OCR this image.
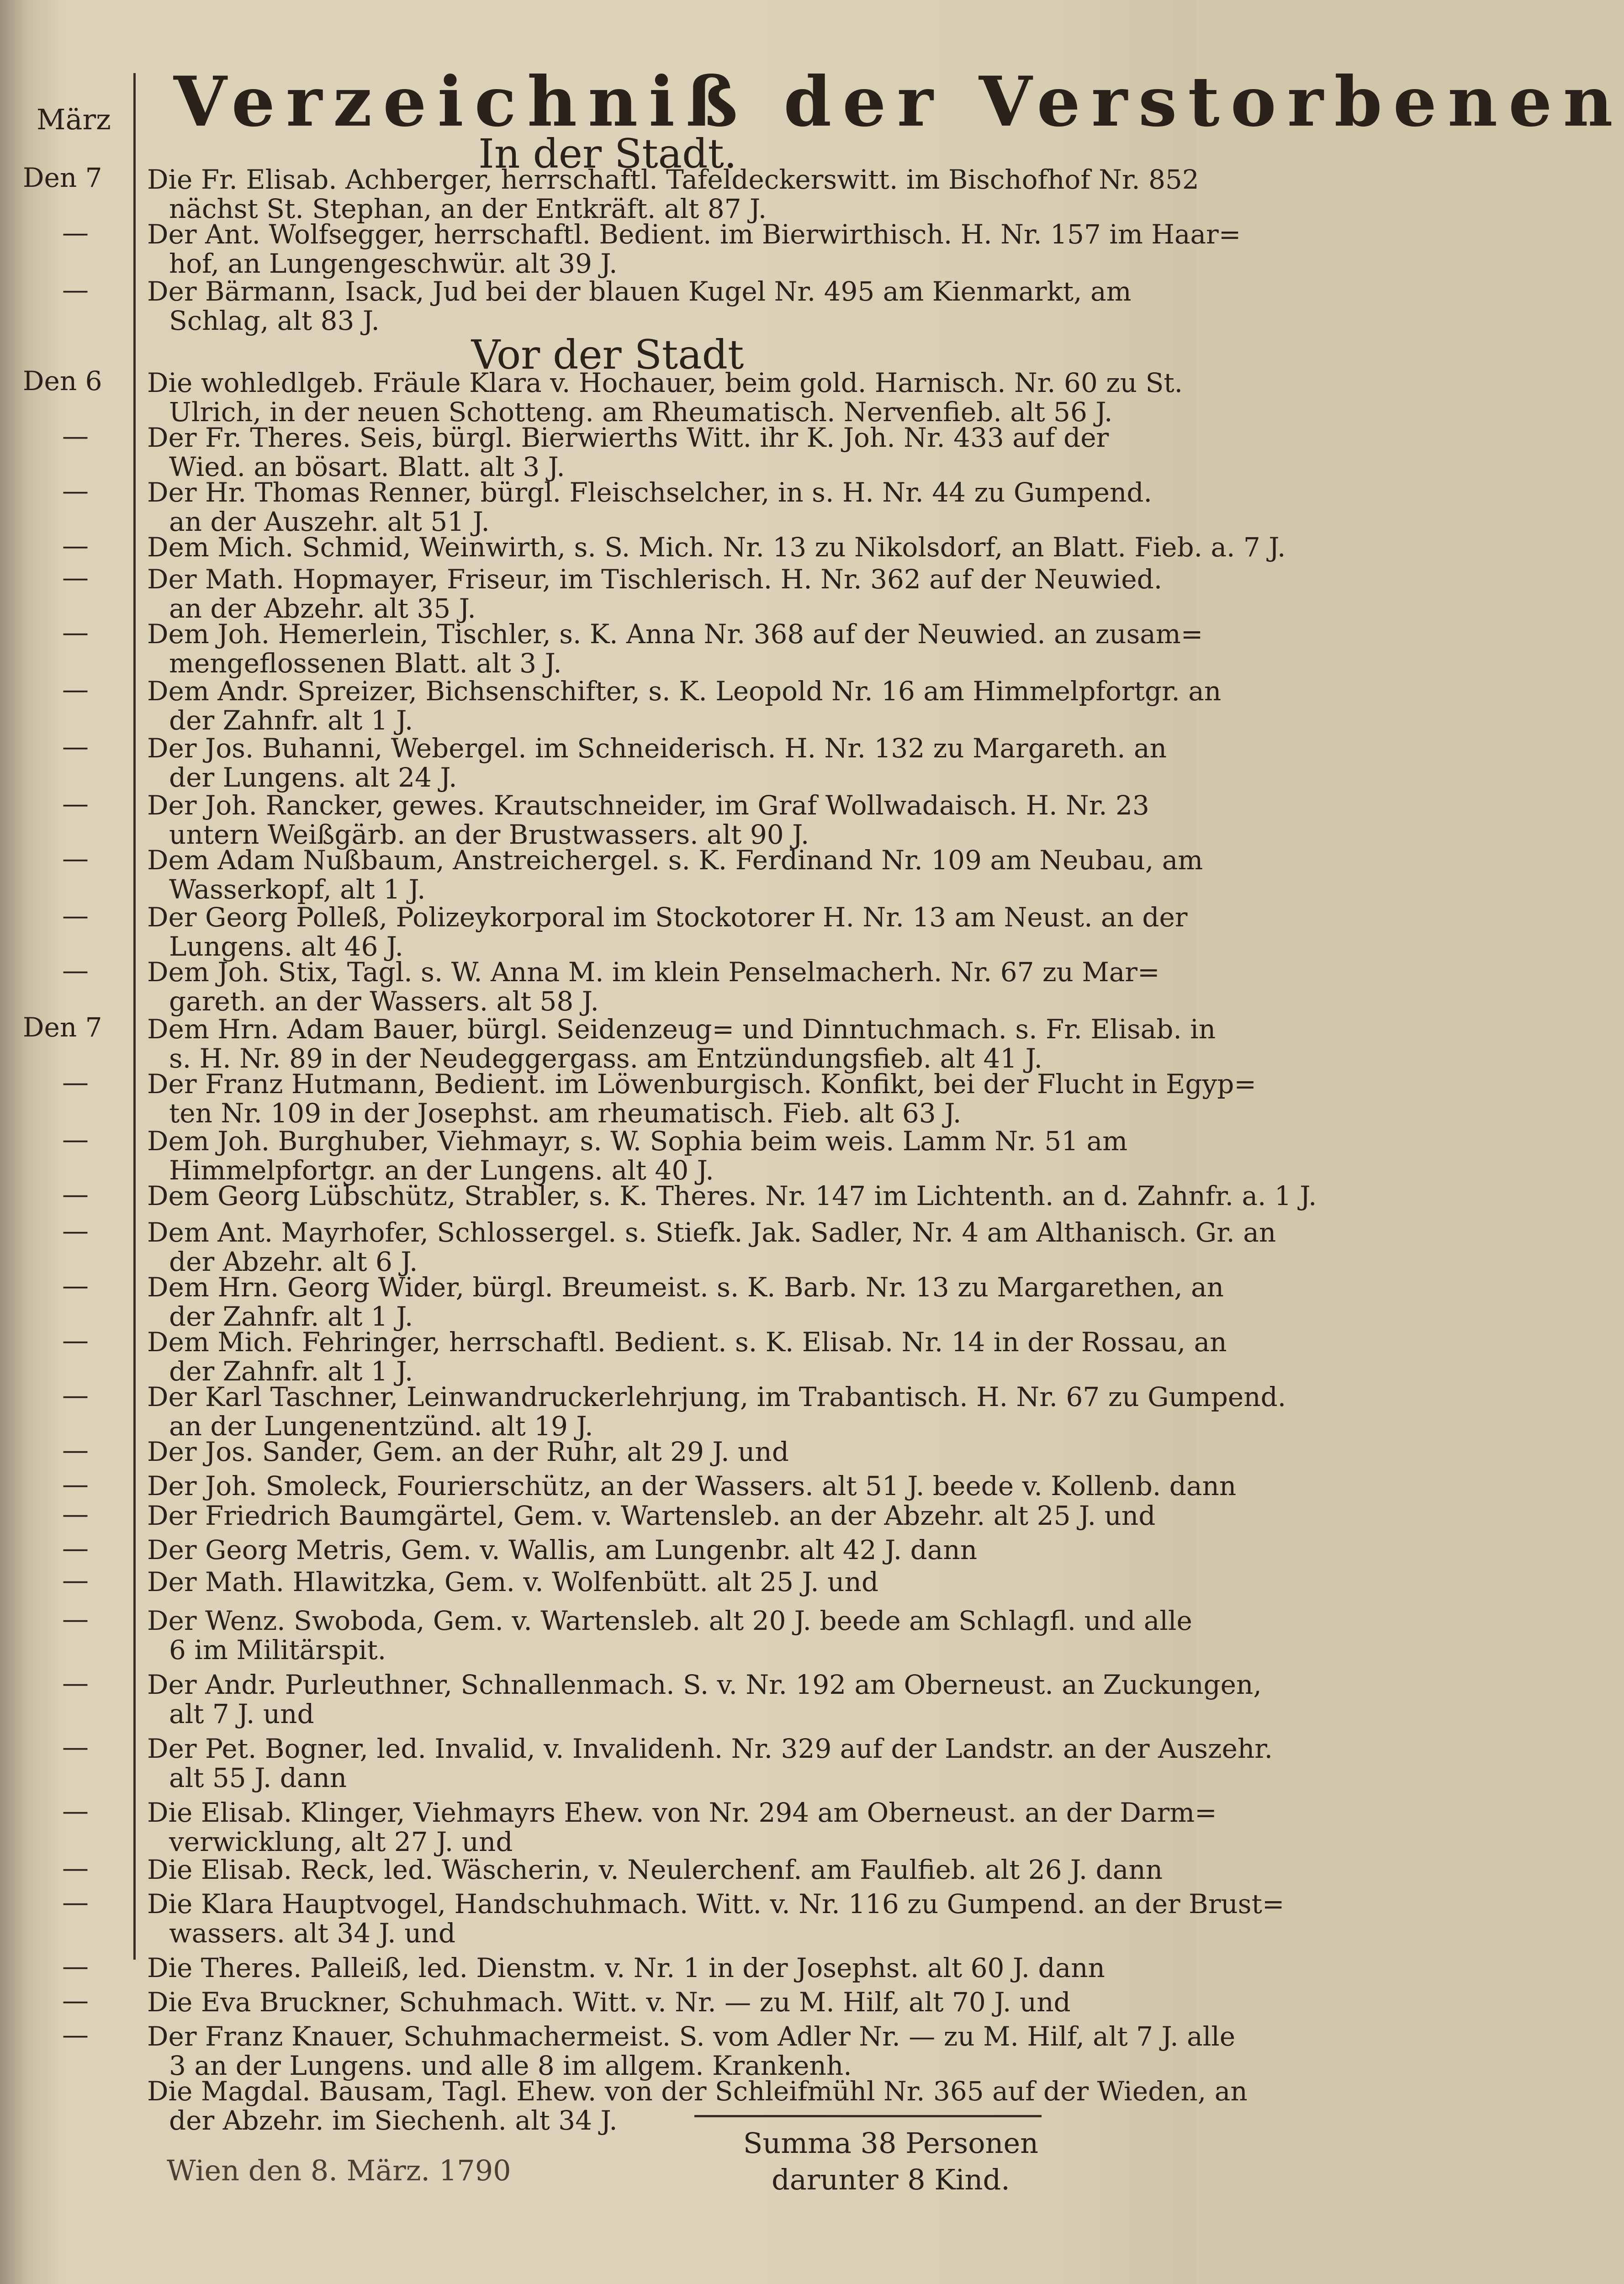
Verzeichniß der Verstorbenen
März
In der Stadt.
Vor der Stadt
Den 7	Die Fr. Elisab. Achberger, herrschaftl. Tafeldeckerswitt. im Bischofhof Nr. 852
nächst St. Stephan, an der Entkräft. alt 87 J.
—	Der Ant. Wolfsegger, herrschaftl. Bedient. im Bierwirthisch. H. Nr. 157 im Haar=
hof, an Lungengeschwür. alt 39 J.
—	Der Bärmann, Isack, Jud bei der blauen Kugel Nr. 495 am Kienmarkt, am
Schlag, alt 83 J.
Den 6	Die wohledlgeb. Fräule Klara v. Hochauer, beim gold. Harnisch. Nr. 60 zu St.
Ulrich, in der neuen Schotteng. am Rheumatisch. Nervenfieb. alt 56 J.
—	Der Fr. Theres. Seis, bürgl. Bierwierths Witt. ihr K. Joh. Nr. 433 auf der
Wied. an bösart. Blatt. alt 3 J.
—	Der Hr. Thomas Renner, bürgl. Fleischselcher, in s. H. Nr. 44 zu Gumpend.
an der Auszehr. alt 51 J.
—	Dem Mich. Schmid, Weinwirth, s. S. Mich. Nr. 13 zu Nikolsdorf, an Blatt. Fieb. a. 7 J.
—	Der Math. Hopmayer, Friseur, im Tischlerisch. H. Nr. 362 auf der Neuwied.
an der Abzehr. alt 35 J.
—	Dem Joh. Hemerlein, Tischler, s. K. Anna Nr. 368 auf der Neuwied. an zusam=
mengeflossenen Blatt. alt 3 J.
—	Dem Andr. Spreizer, Bichsenschifter, s. K. Leopold Nr. 16 am Himmelpfortgr. an
der Zahnfr. alt 1 J.
—	Der Jos. Buhanni, Webergel. im Schneiderisch. H. Nr. 132 zu Margareth. an
der Lungens. alt 24 J.
—	Der Joh. Rancker, gewes. Krautschneider, im Graf Wollwadaisch. H. Nr. 23
untern Weißgärb. an der Brustwassers. alt 90 J.
—	Dem Adam Nußbaum, Anstreichergel. s. K. Ferdinand Nr. 109 am Neubau, am
Wasserkopf, alt 1 J.
—	Der Georg Polleß, Polizeykorporal im Stockotorer H. Nr. 13 am Neust. an der
Lungens. alt 46 J.
—	Dem Joh. Stix, Tagl. s. W. Anna M. im klein Penselmacherh. Nr. 67 zu Mar=
gareth. an der Wassers. alt 58 J.
Den 7	Dem Hrn. Adam Bauer, bürgl. Seidenzeug= und Dinntuchmach. s. Fr. Elisab. in
s. H. Nr. 89 in der Neudeggergass. am Entzündungsfieb. alt 41 J.
—	Der Franz Hutmann, Bedient. im Löwenburgisch. Konfikt, bei der Flucht in Egyp=
ten Nr. 109 in der Josephst. am rheumatisch. Fieb. alt 63 J.
—	Dem Joh. Burghuber, Viehmayr, s. W. Sophia beim weis. Lamm Nr. 51 am
Himmelpfortgr. an der Lungens. alt 40 J.
—	Dem Georg Lübschütz, Strabler, s. K. Theres. Nr. 147 im Lichtenth. an d. Zahnfr. a. 1 J.
—	Dem Ant. Mayrhofer, Schlossergel. s. Stiefk. Jak. Sadler, Nr. 4 am Althanisch. Gr. an
der Abzehr. alt 6 J.
—	Dem Hrn. Georg Wider, bürgl. Breumeist. s. K. Barb. Nr. 13 zu Margarethen, an
der Zahnfr. alt 1 J.
—	Dem Mich. Fehringer, herrschaftl. Bedient. s. K. Elisab. Nr. 14 in der Rossau, an
der Zahnfr. alt 1 J.
—	Der Karl Taschner, Leinwandruckerlehrjung, im Trabantisch. H. Nr. 67 zu Gumpend.
an der Lungenentzünd. alt 19 J.
—	Der Jos. Sander, Gem. an der Ruhr, alt 29 J. und
—	Der Joh. Smoleck, Fourierschütz, an der Wassers. alt 51 J. beede v. Kollenb. dann
—	Der Friedrich Baumgärtel, Gem. v. Wartensleb. an der Abzehr. alt 25 J. und
—	Der Georg Metris, Gem. v. Wallis, am Lungenbr. alt 42 J. dann
—	Der Math. Hlawitzka, Gem. v. Wolfenbütt. alt 25 J. und
—	Der Wenz. Swoboda, Gem. v. Wartensleb. alt 20 J. beede am Schlagfl. und alle
6 im Militärspit.
—	Der Andr. Purleuthner, Schnallenmach. S. v. Nr. 192 am Oberneust. an Zuckungen,
alt 7 J. und
—	Der Pet. Bogner, led. Invalid, v. Invalidenh. Nr. 329 auf der Landstr. an der Auszehr.
alt 55 J. dann
—	Die Elisab. Klinger, Viehmayrs Ehew. von Nr. 294 am Oberneust. an der Darm=
verwicklung, alt 27 J. und
—	Die Elisab. Reck, led. Wäscherin, v. Neulerchenf. am Faulfieb. alt 26 J. dann
—	Die Klara Hauptvogel, Handschuhmach. Witt. v. Nr. 116 zu Gumpend. an der Brust=
wassers. alt 34 J. und
—	Die Theres. Palleiß, led. Dienstm. v. Nr. 1 in der Josephst. alt 60 J. dann
—	Die Eva Bruckner, Schuhmach. Witt. v. Nr. — zu M. Hilf, alt 70 J. und
—	Der Franz Knauer, Schuhmachermeist. S. vom Adler Nr. — zu M. Hilf, alt 7 J. alle
3 an der Lungens. und alle 8 im allgem. Krankenh.
Die Magdal. Bausam, Tagl. Ehew. von der Schleifmühl Nr. 365 auf der Wieden, an
der Abzehr. im Siechenh. alt 34 J.
Summa 38 Personen
darunter 8 Kind.
Wien den 8. März. 1790
